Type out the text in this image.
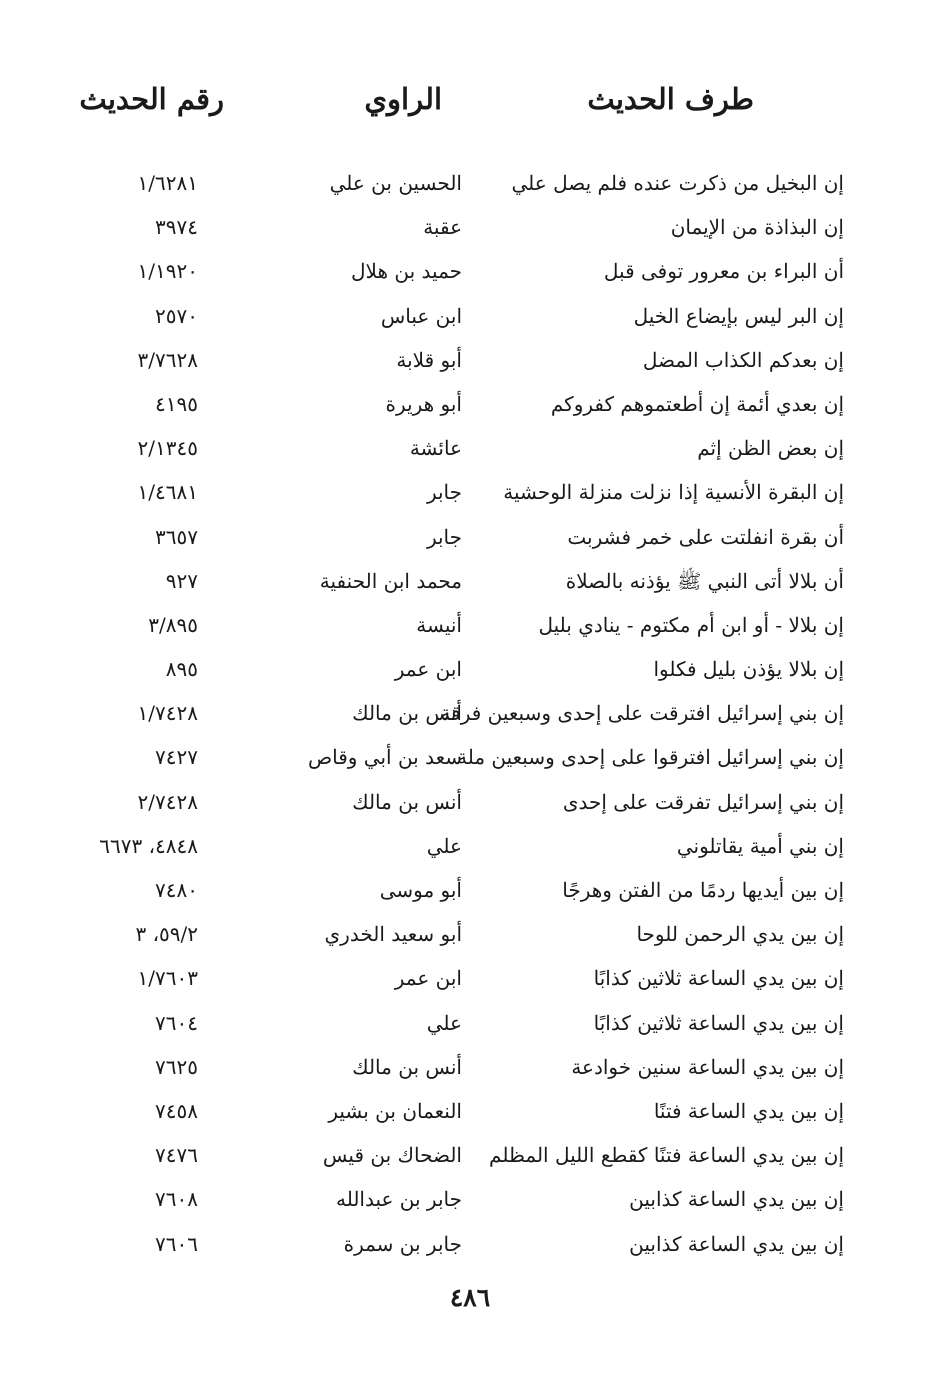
طرف الحديث
الراوي
رقم الحديث
إن البخيل من ذكرت عنده فلم يصل علي
الحسين بن علي
١/٦٢٨١
إن البذاذة من الإيمان
عقبة
٣٩٧٤
أن البراء بن معرور توفى قبل
حميد بن هلال
١/١٩٢٠
إن البر ليس بإيضاع الخيل
ابن عباس
٢٥٧٠
إن بعدكم الكذاب المضل
أبو قلابة
٣/٧٦٢٨
إن بعدي أئمة إن أطعتموهم كفروكم
أبو هريرة
٤١٩٥
إن بعض الظن إثم
عائشة
٢/١٣٤٥
إن البقرة الأنسية إذا نزلت منزلة الوحشية
جابر
١/٤٦٨١
أن بقرة انفلتت على خمر فشربت
جابر
٣٦٥٧
أن بلالا أتى النبي ﷺ يؤذنه بالصلاة
محمد ابن الحنفية
٩٢٧
إن بلالا - أو ابن أم مكتوم - ينادي بليل
أنيسة
٣/٨٩٥
إن بلالا يؤذن بليل فكلوا
ابن عمر
٨٩٥
إن بني إسرائيل افترقت على إحدى وسبعين فرقة
أنس بن مالك
١/٧٤٢٨
إن بني إسرائيل افترقوا على إحدى وسبعين ملة
سعد بن أبي وقاص
٧٤٢٧
إن بني إسرائيل تفرقت على إحدى
أنس بن مالك
٢/٧٤٢٨
إن بني أمية يقاتلوني
علي
٤٨٤٨، ٦٦٧٣
إن بين أيديها ردمًا من الفتن وهرجًا
أبو موسى
٧٤٨٠
إن بين يدي الرحمن للوحا
أبو سعيد الخدري
٥٩/٢، ٣
إن بين يدي الساعة ثلاثين كذابًا
ابن عمر
١/٧٦٠٣
إن بين يدي الساعة ثلاثين كذابًا
علي
٧٦٠٤
إن بين يدي الساعة سنين خوادعة
أنس بن مالك
٧٦٢٥
إن بين يدي الساعة فتنًا
النعمان بن بشير
٧٤٥٨
إن بين يدي الساعة فتنًا كقطع الليل المظلم
الضحاك بن قيس
٧٤٧٦
إن بين يدي الساعة كذابين
جابر بن عبدالله
٧٦٠٨
إن بين يدي الساعة كذابين
جابر بن سمرة
٧٦٠٦
٤٨٦
